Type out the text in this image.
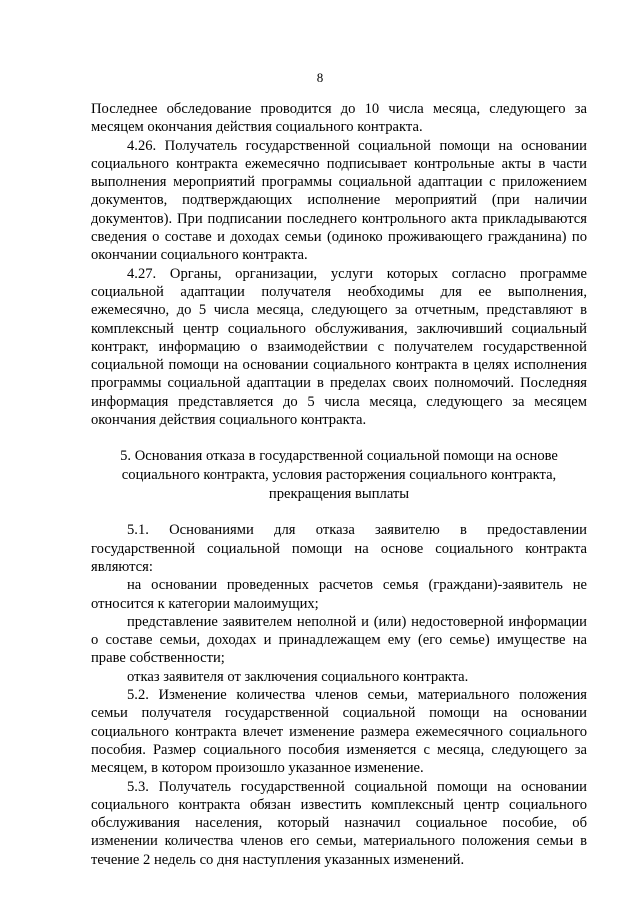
8

Последнее обследование проводится до 10 числа месяца, следующего за месяцем окончания действия социального контракта.

4.26. Получатель государственной социальной помощи на основании социального контракта ежемесячно подписывает контрольные акты в части выполнения мероприятий программы социальной адаптации с приложением документов, подтверждающих исполнение мероприятий (при наличии документов). При подписании последнего контрольного акта прикладываются сведения о составе и доходах семьи (одиноко проживающего гражданина) по окончании социального контракта.

4.27. Органы, организации, услуги которых согласно программе социальной адаптации получателя необходимы для ее выполнения, ежемесячно, до 5 числа месяца, следующего за отчетным, представляют в комплексный центр социального обслуживания, заключивший социальный контракт, информацию о взаимодействии с получателем государственной социальной помощи на основании социального контракта в целях исполнения программы социальной адаптации в пределах своих полномочий. Последняя информация представляется до 5 числа месяца, следующего за месяцем окончания действия социального контракта.

5. Основания отказа в государственной социальной помощи на основе
социального контракта, условия расторжения социального контракта,
прекращения выплаты

5.1. Основаниями для отказа заявителю в предоставлении государственной социальной помощи на основе социального контракта являются:

на основании проведенных расчетов семья (граждани)-заявитель не относится к категории малоимущих;

представление заявителем неполной и (или) недостоверной информации о составе семьи, доходах и принадлежащем ему (его семье) имуществе на праве собственности;

отказ заявителя от заключения социального контракта.

5.2. Изменение количества членов семьи, материального положения семьи получателя государственной социальной помощи на основании социального контракта влечет изменение размера ежемесячного социального пособия. Размер социального пособия изменяется с месяца, следующего за месяцем, в котором произошло указанное изменение.

5.3. Получатель государственной социальной помощи на основании социального контракта обязан известить комплексный центр социального обслуживания населения, который назначил социальное пособие, об изменении количества членов его семьи, материального положения семьи в течение 2 недель со дня наступления указанных изменений.
